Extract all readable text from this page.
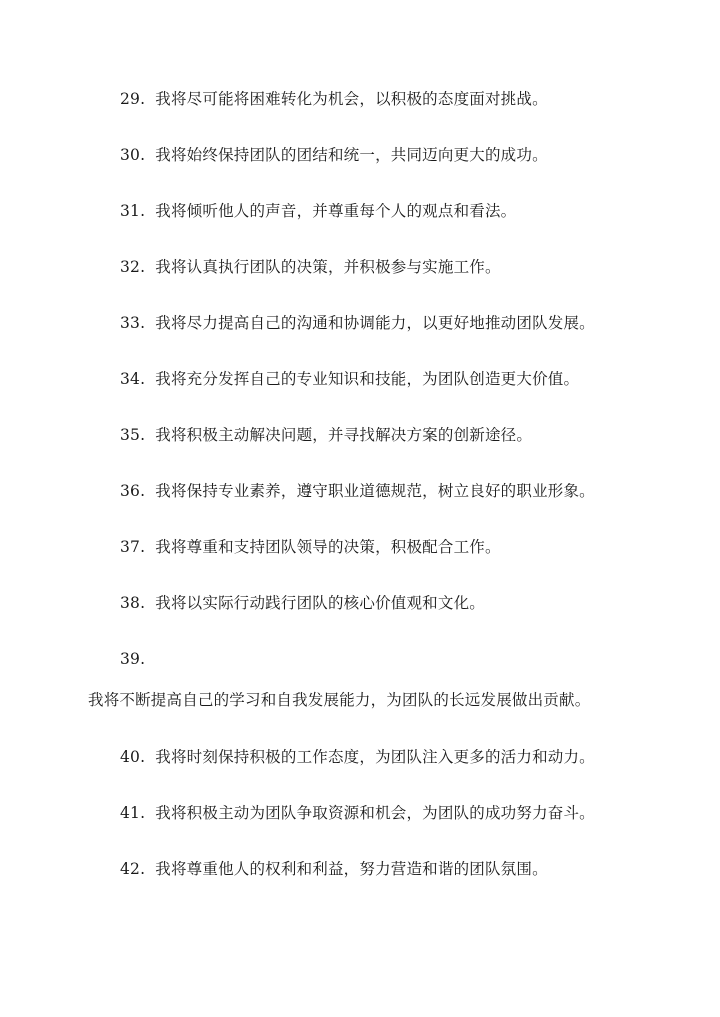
29. 我将尽可能将困难转化为机会，以积极的态度面对挑战。
30. 我将始终保持团队的团结和统一，共同迈向更大的成功。
31. 我将倾听他人的声音，并尊重每个人的观点和看法。
32. 我将认真执行团队的决策，并积极参与实施工作。
33. 我将尽力提高自己的沟通和协调能力，以更好地推动团队发展。
34. 我将充分发挥自己的专业知识和技能，为团队创造更大价值。
35. 我将积极主动解决问题，并寻找解决方案的创新途径。
36. 我将保持专业素养，遵守职业道德规范，树立良好的职业形象。
37. 我将尊重和支持团队领导的决策，积极配合工作。
38. 我将以实际行动践行团队的核心价值观和文化。
39.
我将不断提高自己的学习和自我发展能力，为团队的长远发展做出贡献。
40. 我将时刻保持积极的工作态度，为团队注入更多的活力和动力。
41. 我将积极主动为团队争取资源和机会，为团队的成功努力奋斗。
42. 我将尊重他人的权利和利益，努力营造和谐的团队氛围。
